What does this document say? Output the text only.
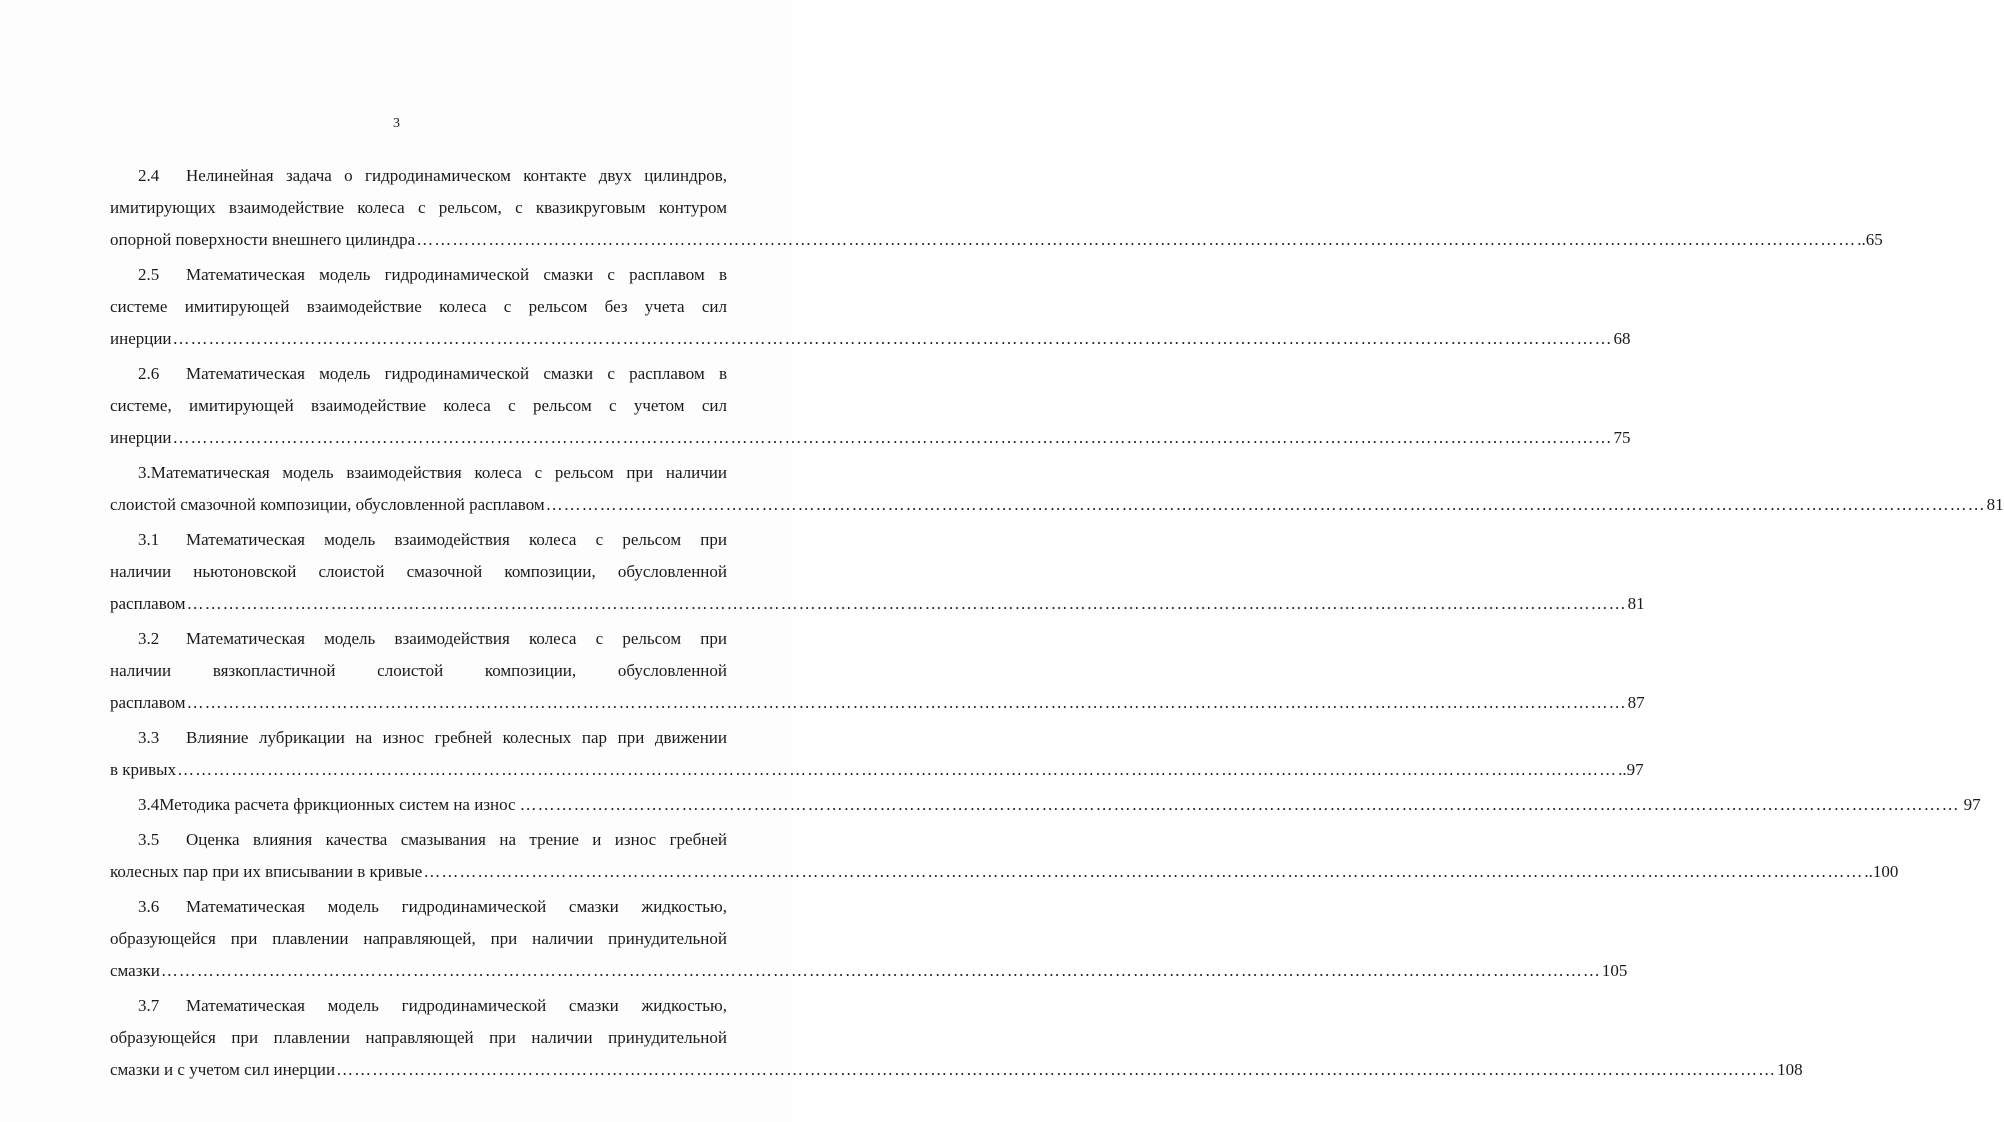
3
2.4 Нелинейная задача о гидродинамическом контакте двух цилиндров,
имитирующих взаимодействие колеса с рельсом, с квазикруговым контуром
опорной поверхности внешнего цилиндра …………………………………………………………………………………………………………………………………………………………………………………………………………………… ..65
2.5 Математическая модель гидродинамической смазки с расплавом в
системе имитирующей взаимодействие колеса с рельсом без учета сил
инерции …………………………………………………………………………………………………………………………………………………………………………………………………………………… 68
2.6 Математическая модель гидродинамической смазки с расплавом в
системе, имитирующей взаимодействие колеса с рельсом с учетом сил
инерции …………………………………………………………………………………………………………………………………………………………………………………………………………………… 75
3.Математическая модель взаимодействия колеса с рельсом при наличии
слоистой смазочной композиции, обусловленной расплавом …………………………………………………………………………………………………………………………………………………………………………………………………………………… 81
3.1 Математическая модель взаимодействия колеса с рельсом при
наличии ньютоновской слоистой смазочной композиции, обусловленной
расплавом …………………………………………………………………………………………………………………………………………………………………………………………………………………… 81
3.2 Математическая модель взаимодействия колеса с рельсом при
наличии вязкопластичной слоистой композиции, обусловленной
расплавом …………………………………………………………………………………………………………………………………………………………………………………………………………………… 87
3.3 Влияние лубрикации на износ гребней колесных пар при движении
в кривых …………………………………………………………………………………………………………………………………………………………………………………………………………………… ..97
3.4 Методика расчета фрикционных систем на износ …………………………………………………………………………………………………………………………………………………………………………………………………………………… 97
3.5 Оценка влияния качества смазывания на трение и износ гребней
колесных пар при их вписывании в кривые …………………………………………………………………………………………………………………………………………………………………………………………………………………… ..100
3.6 Математическая модель гидродинамической смазки жидкостью,
образующейся при плавлении направляющей, при наличии принудительной
смазки …………………………………………………………………………………………………………………………………………………………………………………………………………………… 105
3.7 Математическая модель гидродинамической смазки жидкостью,
образующейся при плавлении направляющей при наличии принудительной
смазки и с учетом сил инерции …………………………………………………………………………………………………………………………………………………………………………………………………………………… 108
